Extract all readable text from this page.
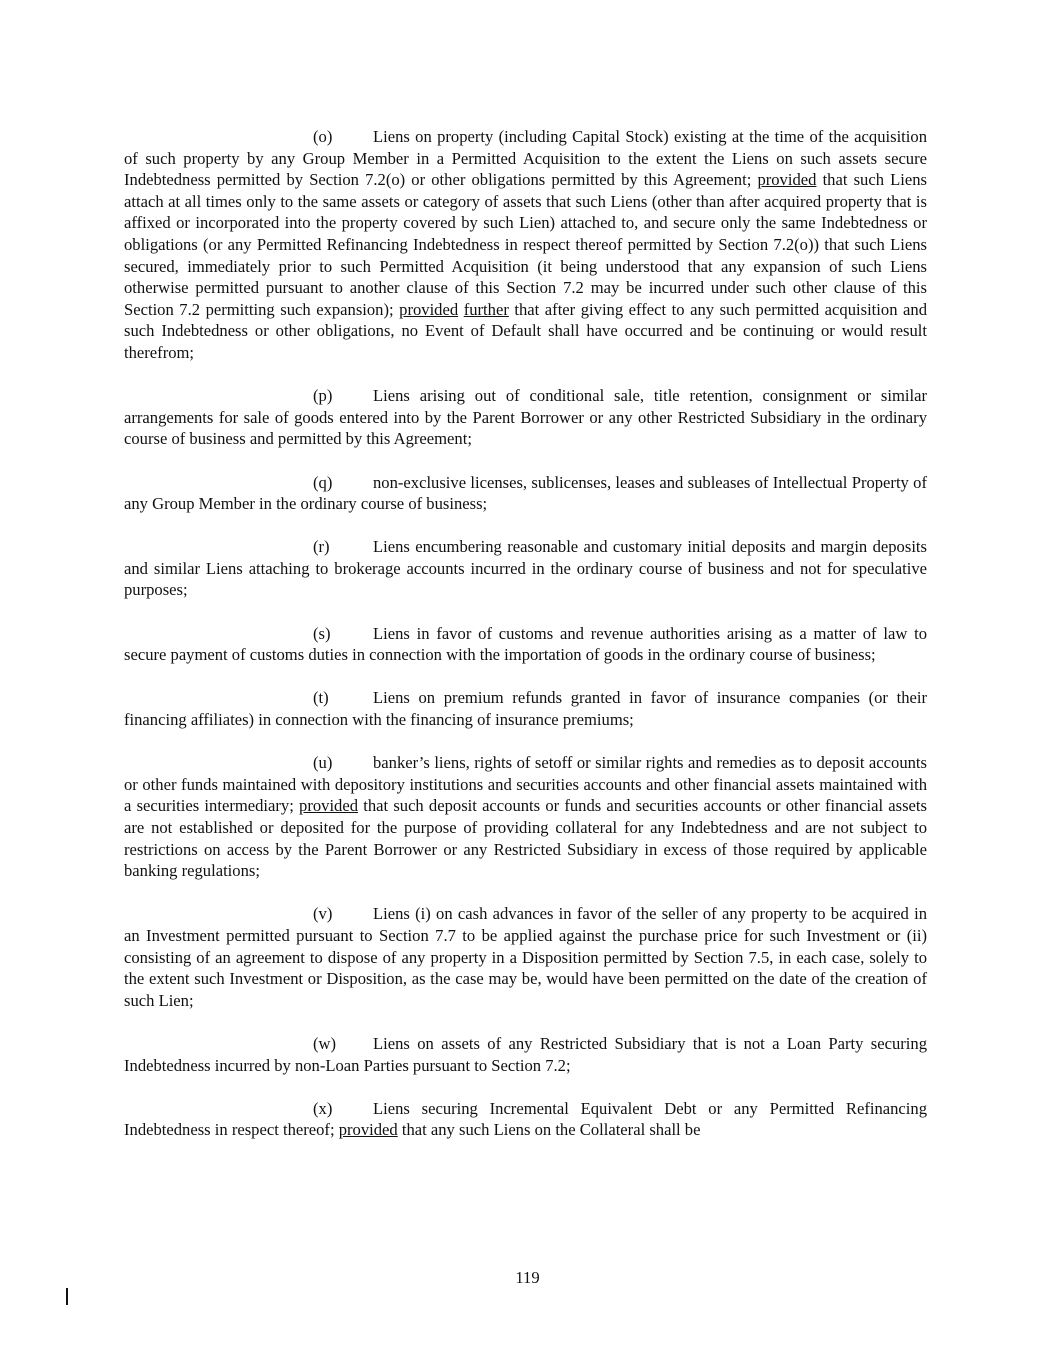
(o) Liens on property (including Capital Stock) existing at the time of the acquisition of such property by any Group Member in a Permitted Acquisition to the extent the Liens on such assets secure Indebtedness permitted by Section 7.2(o) or other obligations permitted by this Agreement; provided that such Liens attach at all times only to the same assets or category of assets that such Liens (other than after acquired property that is affixed or incorporated into the property covered by such Lien) attached to, and secure only the same Indebtedness or obligations (or any Permitted Refinancing Indebtedness in respect thereof permitted by Section 7.2(o)) that such Liens secured, immediately prior to such Permitted Acquisition (it being understood that any expansion of such Liens otherwise permitted pursuant to another clause of this Section 7.2 may be incurred under such other clause of this Section 7.2 permitting such expansion); provided further that after giving effect to any such permitted acquisition and such Indebtedness or other obligations, no Event of Default shall have occurred and be continuing or would result therefrom;

(p) Liens arising out of conditional sale, title retention, consignment or similar arrangements for sale of goods entered into by the Parent Borrower or any other Restricted Subsidiary in the ordinary course of business and permitted by this Agreement;

(q) non-exclusive licenses, sublicenses, leases and subleases of Intellectual Property of any Group Member in the ordinary course of business;

(r)	Liens encumbering reasonable and customary initial deposits and margin deposits and similar Liens attaching to brokerage accounts incurred in the ordinary course of business and not for speculative purposes;

(s)	Liens in favor of customs and revenue authorities arising as a matter of law to secure payment of customs duties in connection with the importation of goods in the ordinary course of business;

(t)	Liens on premium refunds granted in favor of insurance companies (or their financing affiliates) in connection with the financing of insurance premiums;

(u) banker’s liens, rights of setoff or similar rights and remedies as to deposit accounts or other funds maintained with depository institutions and securities accounts and other financial assets maintained with a securities intermediary; provided that such deposit accounts or funds and securities accounts or other financial assets are not established or deposited for the purpose of providing collateral for any Indebtedness and are not subject to restrictions on access by the Parent Borrower or any Restricted Subsidiary in excess of those required by applicable banking regulations;

(v) Liens (i) on cash advances in favor of the seller of any property to be acquired in an Investment permitted pursuant to Section 7.7 to be applied against the purchase price for such Investment or (ii) consisting of an agreement to dispose of any property in a Disposition permitted by Section 7.5, in each case, solely to the extent such Investment or Disposition, as the case may be, would have been permitted on the date of the creation of such Lien;

(w) Liens on assets of any Restricted Subsidiary that is not a Loan Party securing Indebtedness incurred by non-Loan Parties pursuant to Section 7.2;

(x) Liens securing Incremental Equivalent Debt or any Permitted Refinancing Indebtedness in respect thereof; provided that any such Liens on the Collateral shall be

119
